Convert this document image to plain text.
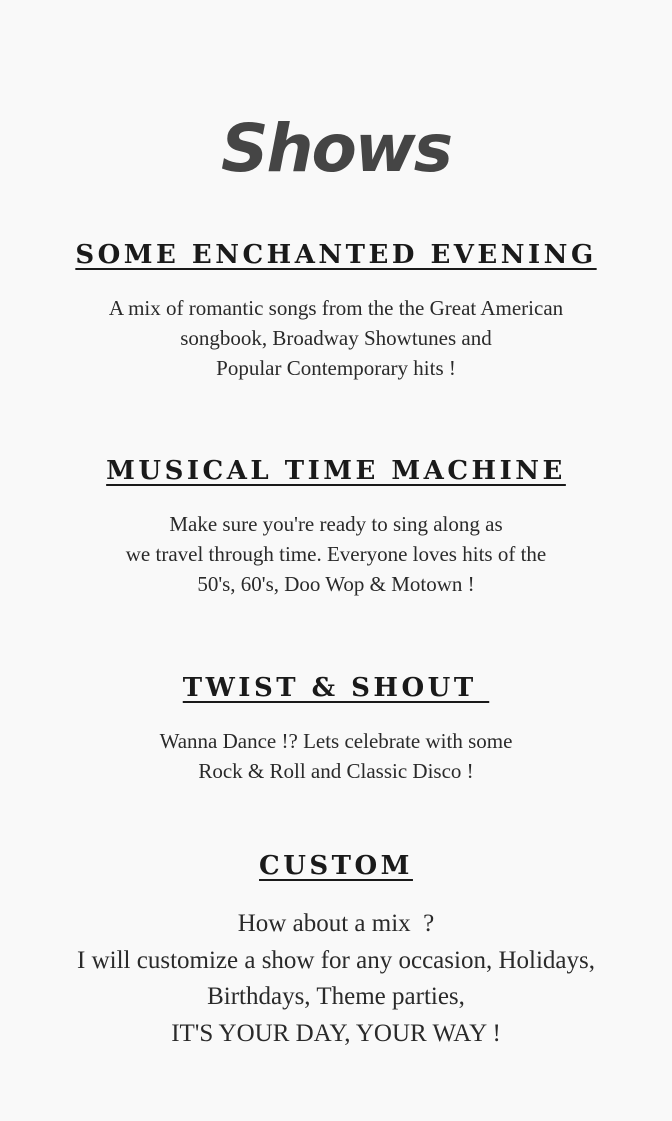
Shows
SOME ENCHANTED EVENING
A mix of romantic songs from the the Great American
songbook, Broadway Showtunes and
Popular Contemporary hits !
MUSICAL TIME MACHINE
Make sure you're ready to sing along as
we travel through time. Everyone loves hits of the
50's, 60's, Doo Wop & Motown !
TWIST & SHOUT
Wanna Dance !? Lets celebrate with some
Rock & Roll and Classic Disco !
CUSTOM
How about a mix  ?
I will customize a show for any occasion, Holidays,
Birthdays, Theme parties,
IT'S YOUR DAY, YOUR WAY !
